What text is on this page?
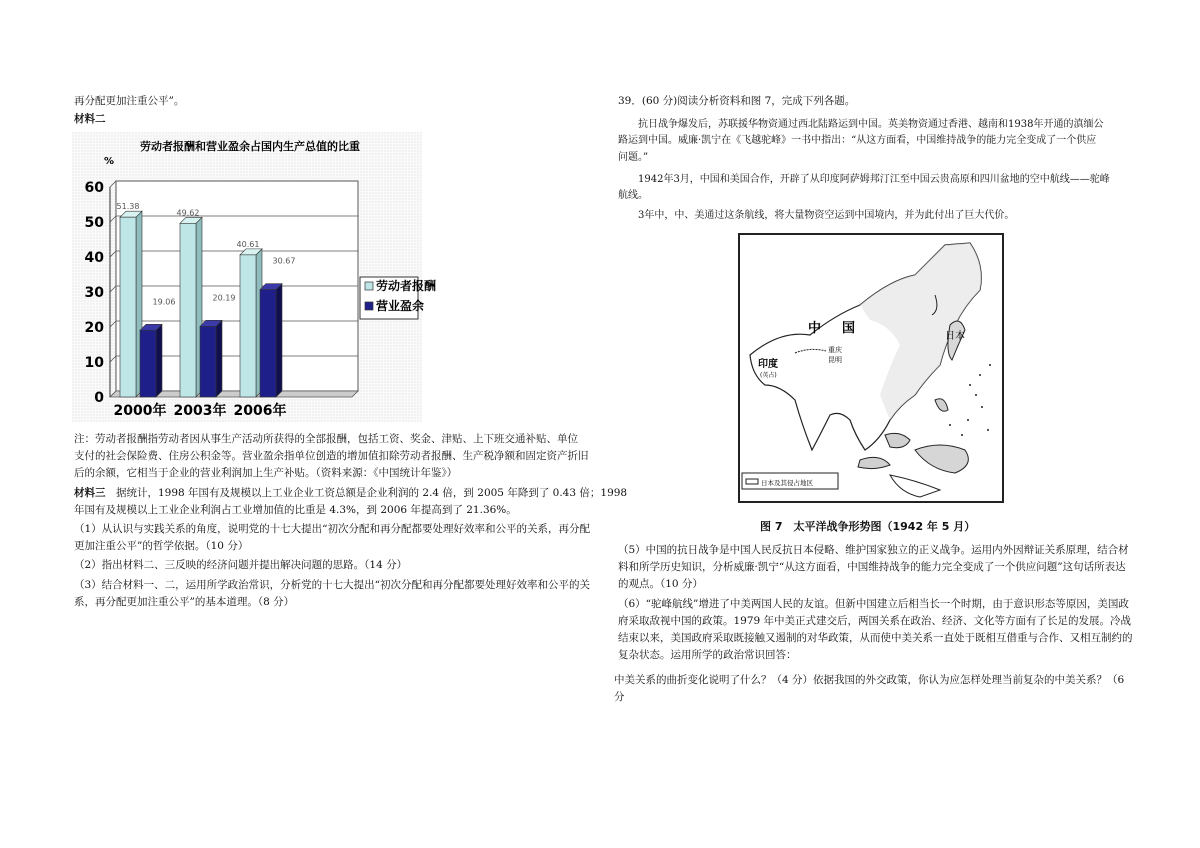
再分配更加注重公平”。
材料二
劳动者报酬和营业盈余占国内生产总值的比重
%
0
10
20
30
40
50
60
51.38
19.06
2000年
49.62
20.19
2003年
40.61
30.67
2006年
劳动者报酬
营业盈余
注：劳动者报酬指劳动者因从事生产活动所获得的全部报酬，包括工资、奖金、津贴、上下班交通补贴、单位
支付的社会保险费、住房公积金等。营业盈余指单位创造的增加值扣除劳动者报酬、生产税净额和固定资产折旧
后的余额，它相当于企业的营业利润加上生产补贴。（资料来源：《中国统计年鉴》）
材料三 据统计，1998 年国有及规模以上工业企业工资总额是企业利润的 2.4 倍，到 2005 年降到了 0.43 倍；1998
年国有及规模以上工业企业利润占工业增加值的比重是 4.3%，到 2006 年提高到了 21.36%。
（1）从认识与实践关系的角度，说明党的十七大提出“初次分配和再分配都要处理好效率和公平的关系，再分配
更加注重公平”的哲学依据。（10 分）
（2）指出材料二、三反映的经济问题并提出解决问题的思路。（14 分）
（3）结合材料一、二，运用所学政治常识，分析党的十七大提出“初次分配和再分配都要处理好效率和公平的关
系，再分配更加注重公平”的基本道理。（8 分）
39．(60 分)阅读分析资料和图 7，完成下列各题。
抗日战争爆发后，苏联援华物资通过西北陆路运到中国。英美物资通过香港、越南和1938年开通的滇缅公
路运到中国。威廉·凯宁在《飞越驼峰》一书中指出：“从这方面看，中国维持战争的能力完全变成了一个供应
问题。”
1942年3月，中国和美国合作，开辟了从印度阿萨姆邦汀江至中国云贵高原和四川盆地的空中航线——驼峰
航线。
3年中，中、美通过这条航线，将大量物资空运到中国境内，并为此付出了巨大代价。
中 国
日本
印度
(英占)
重庆
昆明
日本及其侵占地区
图 7　太平洋战争形势图（1942 年 5 月）
（5）中国的抗日战争是中国人民反抗日本侵略、维护国家独立的正义战争。运用内外因辩证关系原理，结合材
料和所学历史知识，分析威廉·凯宁“从这方面看，中国维持战争的能力完全变成了一个供应问题”这句话所表达
的观点。（10 分）
（6）“驼峰航线”增进了中美两国人民的友谊。但新中国建立后相当长一个时期，由于意识形态等原因，美国政
府采取敌视中国的政策。1979 年中美正式建交后，两国关系在政治、经济、文化等方面有了长足的发展。冷战
结束以来，美国政府采取既接触又遏制的对华政策，从而使中美关系一直处于既相互借重与合作、又相互制约的
复杂状态。运用所学的政治常识回答：
中美关系的曲折变化说明了什么？（4 分）依据我国的外交政策，你认为应怎样处理当前复杂的中美关系？（6
分
